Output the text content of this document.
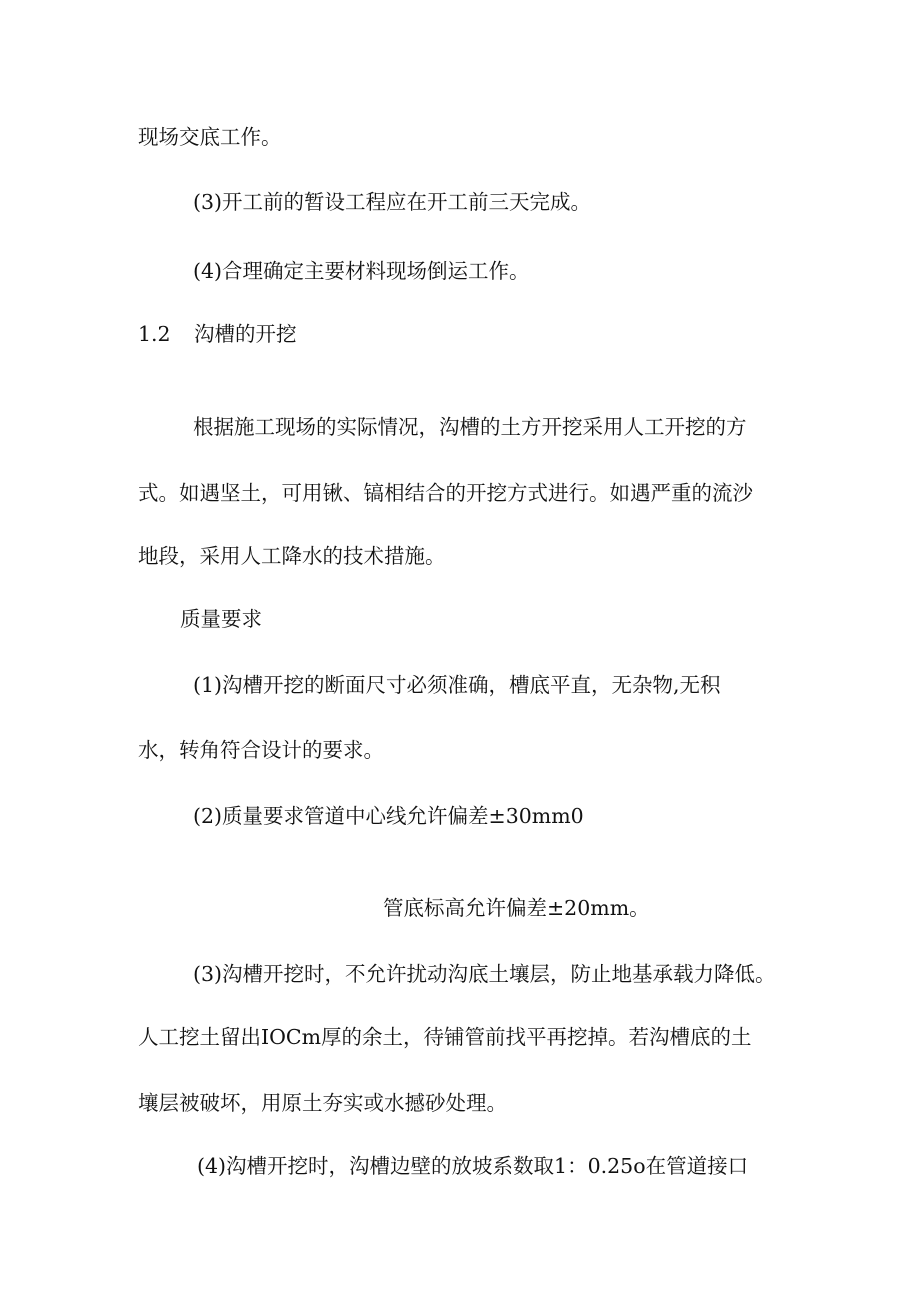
现场交底工作。

(3)开工前的暂设工程应在开工前三天完成。

(4)合理确定主要材料现场倒运工作。

1.2 沟槽的开挖

根据施工现场的实际情况，沟槽的土方开挖采用人工开挖的方

式。如遇坚土，可用锹、镐相结合的开挖方式进行。如遇严重的流沙

地段，采用人工降水的技术措施。

质量要求

(1)沟槽开挖的断面尺寸必须准确，槽底平直，无杂物,无积

水，转角符合设计的要求。

(2)质量要求管道中心线允许偏差±30mm0

管底标高允许偏差±20mm。

(3)沟槽开挖时，不允许扰动沟底土壤层，防止地基承载力降低。

人工挖土留出IOCm厚的余土，待铺管前找平再挖掉。若沟槽底的土

壤层被破坏，用原土夯实或水撼砂处理。

(4)沟槽开挖时，沟槽边壁的放坡系数取1：0.25o在管道接口
